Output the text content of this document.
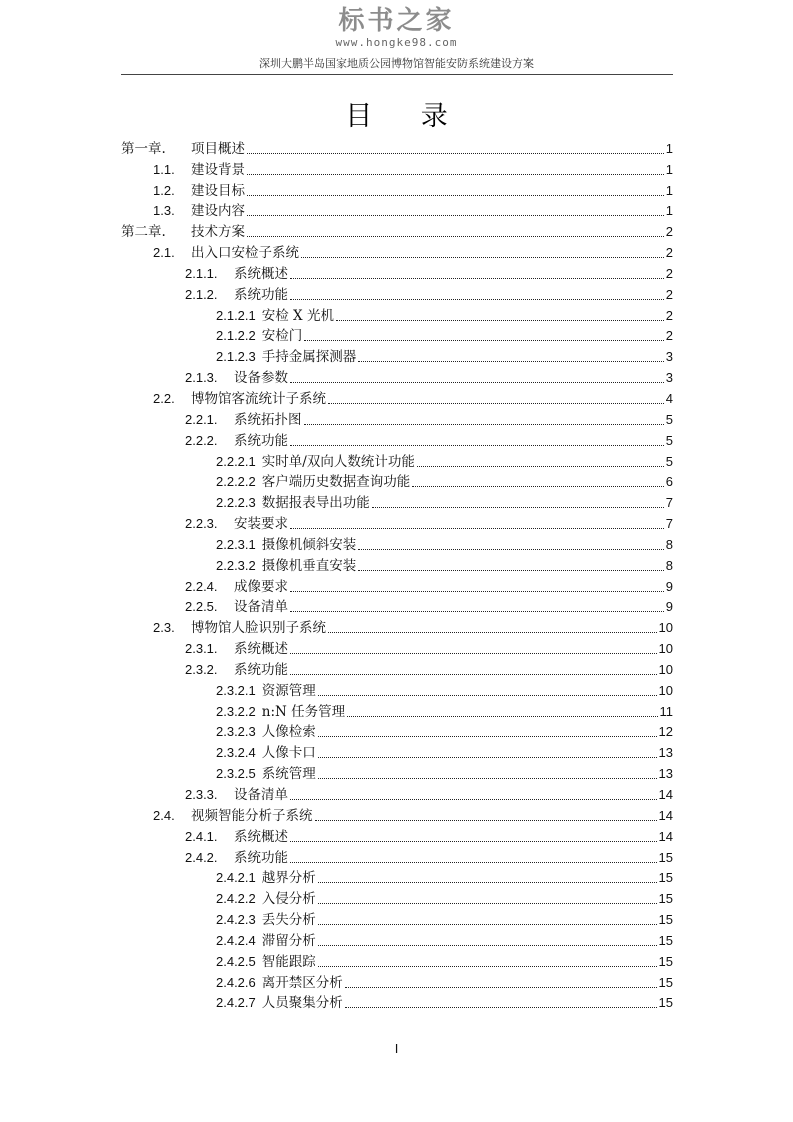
标书之家
www.hongke98.com
深圳大鹏半岛国家地质公园博物馆智能安防系统建设方案
目 录
第一章.	项目概述	1
1.1.	建设背景	1
1.2.	建设目标	1
1.3.	建设内容	1
第二章.	技术方案	2
2.1.	出入口安检子系统	2
2.1.1.	系统概述	2
2.1.2.	系统功能	2
2.1.2.1 安检 X 光机	2
2.1.2.2 安检门	2
2.1.2.3 手持金属探测器	3
2.1.3.	设备参数	3
2.2.	博物馆客流统计子系统	4
2.2.1.	系统拓扑图	5
2.2.2.	系统功能	5
2.2.2.1 实时单/双向人数统计功能	5
2.2.2.2 客户端历史数据查询功能	6
2.2.2.3 数据报表导出功能	7
2.2.3.	安装要求	7
2.2.3.1 摄像机倾斜安装	8
2.2.3.2 摄像机垂直安装	8
2.2.4.	成像要求	9
2.2.5.	设备清单	9
2.3.	博物馆人脸识别子系统	10
2.3.1.	系统概述	10
2.3.2.	系统功能	10
2.3.2.1 资源管理	10
2.3.2.2 n:N 任务管理	11
2.3.2.3 人像检索	12
2.3.2.4 人像卡口	13
2.3.2.5 系统管理	13
2.3.3.	设备清单	14
2.4.	视频智能分析子系统	14
2.4.1.	系统概述	14
2.4.2.	系统功能	15
2.4.2.1 越界分析	15
2.4.2.2 入侵分析	15
2.4.2.3 丢失分析	15
2.4.2.4 滞留分析	15
2.4.2.5 智能跟踪	15
2.4.2.6 离开禁区分析	15
2.4.2.7 人员聚集分析	15
I
